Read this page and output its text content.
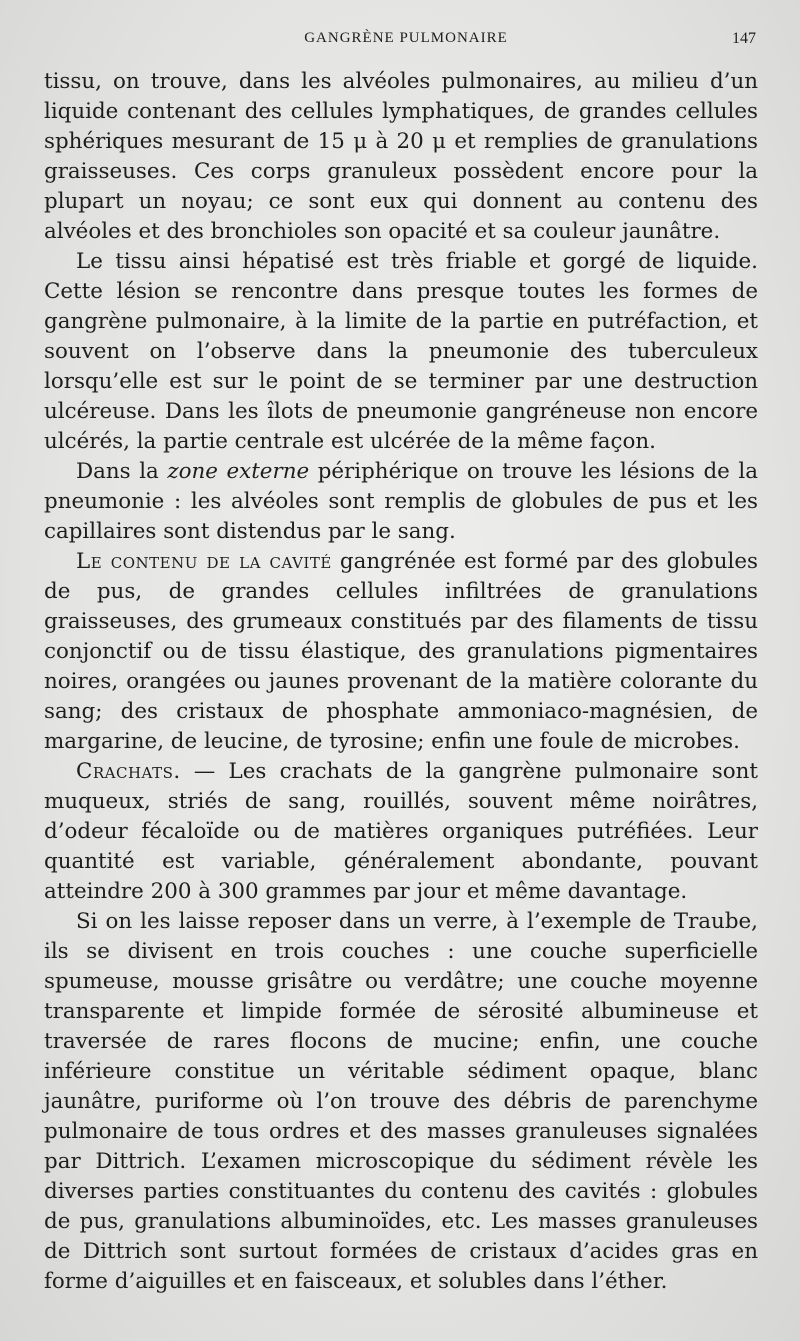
GANGRÈNE PULMONAIRE	147

tissu, on trouve, dans les alvéoles pulmonaires, au milieu d’un liquide contenant des cellules lymphatiques, de grandes cellules sphériques mesurant de 15 μ à 20 μ et remplies de granulations graisseuses. Ces corps granuleux possèdent encore pour la plupart un noyau; ce sont eux qui donnent au contenu des alvéoles et des bronchioles son opacité et sa couleur jaunâtre.

Le tissu ainsi hépatisé est très friable et gorgé de liquide. Cette lésion se rencontre dans presque toutes les formes de gangrène pulmonaire, à la limite de la partie en putréfaction, et souvent on l’observe dans la pneumonie des tuberculeux lorsqu’elle est sur le point de se terminer par une destruction ulcéreuse. Dans les îlots de pneumonie gangréneuse non encore ulcérés, la partie centrale est ulcérée de la même façon.

Dans la zone externe périphérique on trouve les lésions de la pneumonie : les alvéoles sont remplis de globules de pus et les capillaires sont distendus par le sang.

Le contenu de la cavité gangrénée est formé par des globules de pus, de grandes cellules infiltrées de granulations graisseuses, des grumeaux constitués par des filaments de tissu conjonctif ou de tissu élastique, des granulations pigmentaires noires, orangées ou jaunes provenant de la matière colorante du sang; des cristaux de phosphate ammoniaco-magnésien, de margarine, de leucine, de tyrosine; enfin une foule de microbes.

Crachats. — Les crachats de la gangrène pulmonaire sont muqueux, striés de sang, rouillés, souvent même noirâtres, d’odeur fécaloïde ou de matières organiques putréfiées. Leur quantité est variable, généralement abondante, pouvant atteindre 200 à 300 grammes par jour et même davantage.

Si on les laisse reposer dans un verre, à l’exemple de Traube, ils se divisent en trois couches : une couche superficielle spumeuse, mousse grisâtre ou verdâtre; une couche moyenne transparente et limpide formée de sérosité albumineuse et traversée de rares flocons de mucine; enfin, une couche inférieure constitue un véritable sédiment opaque, blanc jaunâtre, puriforme où l’on trouve des débris de parenchyme pulmonaire de tous ordres et des masses granuleuses signalées par Dittrich. L’examen microscopique du sédiment révèle les diverses parties constituantes du contenu des cavités : globules de pus, granulations albuminoïdes, etc. Les masses granuleuses de Dittrich sont surtout formées de cristaux d’acides gras en forme d’aiguilles et en faisceaux, et solubles dans l’éther.
